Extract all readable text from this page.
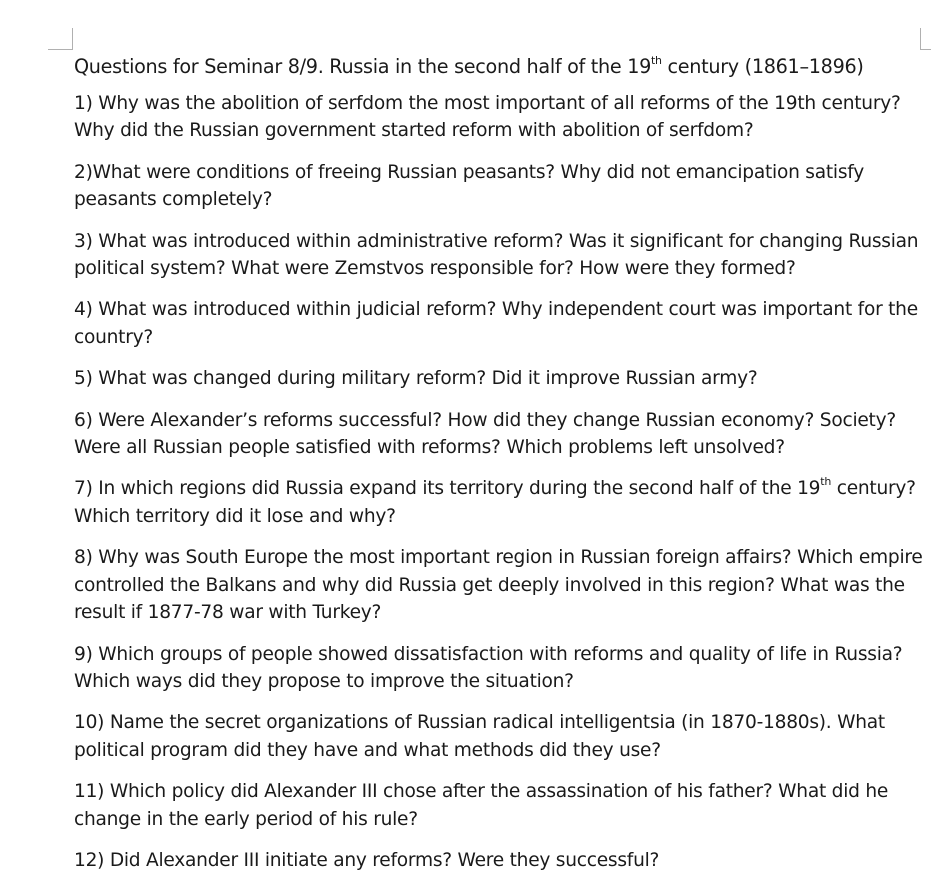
Questions for Seminar 8/9. Russia in the second half of the 19th century (1861–1896)

1) Why was the abolition of serfdom the most important of all reforms of the 19th century? Why did the Russian government started reform with abolition of serfdom?

2)What were conditions of freeing Russian peasants? Why did not emancipation satisfy peasants completely?

3) What was introduced within administrative reform? Was it significant for changing Russian political system? What were Zemstvos responsible for? How were they formed?

4) What was introduced within judicial reform? Why independent court was important for the country?

5) What was changed during military reform? Did it improve Russian army?

6) Were Alexander’s reforms successful? How did they change Russian economy? Society? Were all Russian people satisfied with reforms? Which problems left unsolved?

7) In which regions did Russia expand its territory during the second half of the 19th century? Which territory did it lose and why?

8) Why was South Europe the most important region in Russian foreign affairs? Which empire controlled the Balkans and why did Russia get deeply involved in this region? What was the result if 1877-78 war with Turkey?

9) Which groups of people showed dissatisfaction with reforms and quality of life in Russia? Which ways did they propose to improve the situation?

10) Name the secret organizations of Russian radical intelligentsia (in 1870-1880s). What political program did they have and what methods did they use?

11) Which policy did Alexander III chose after the assassination of his father? What did he change in the early period of his rule?

12) Did Alexander III initiate any reforms? Were they successful?
